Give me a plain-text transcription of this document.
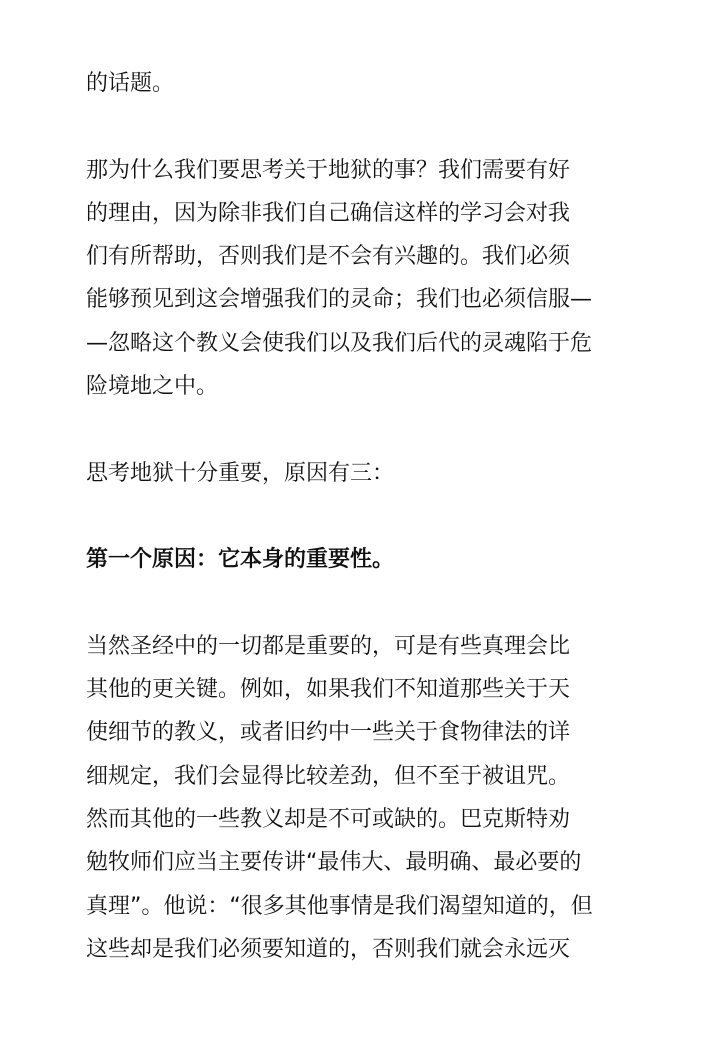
的话题。
那为什么我们要思考关于地狱的事？我们需要有好
的理由，因为除非我们自己确信这样的学习会对我
们有所帮助，否则我们是不会有兴趣的。我们必须
能够预见到这会增强我们的灵命；我们也必须信服—
—忽略这个教义会使我们以及我们后代的灵魂陷于危
险境地之中。
思考地狱十分重要，原因有三：
第一个原因：它本身的重要性。
当然圣经中的一切都是重要的，可是有些真理会比
其他的更关键。例如，如果我们不知道那些关于天
使细节的教义，或者旧约中一些关于食物律法的详
细规定，我们会显得比较差劲，但不至于被诅咒。
然而其他的一些教义却是不可或缺的。巴克斯特劝
勉牧师们应当主要传讲“最伟大、最明确、最必要的
真理”。他说：“很多其他事情是我们渴望知道的，但
这些却是我们必须要知道的，否则我们就会永远灭
